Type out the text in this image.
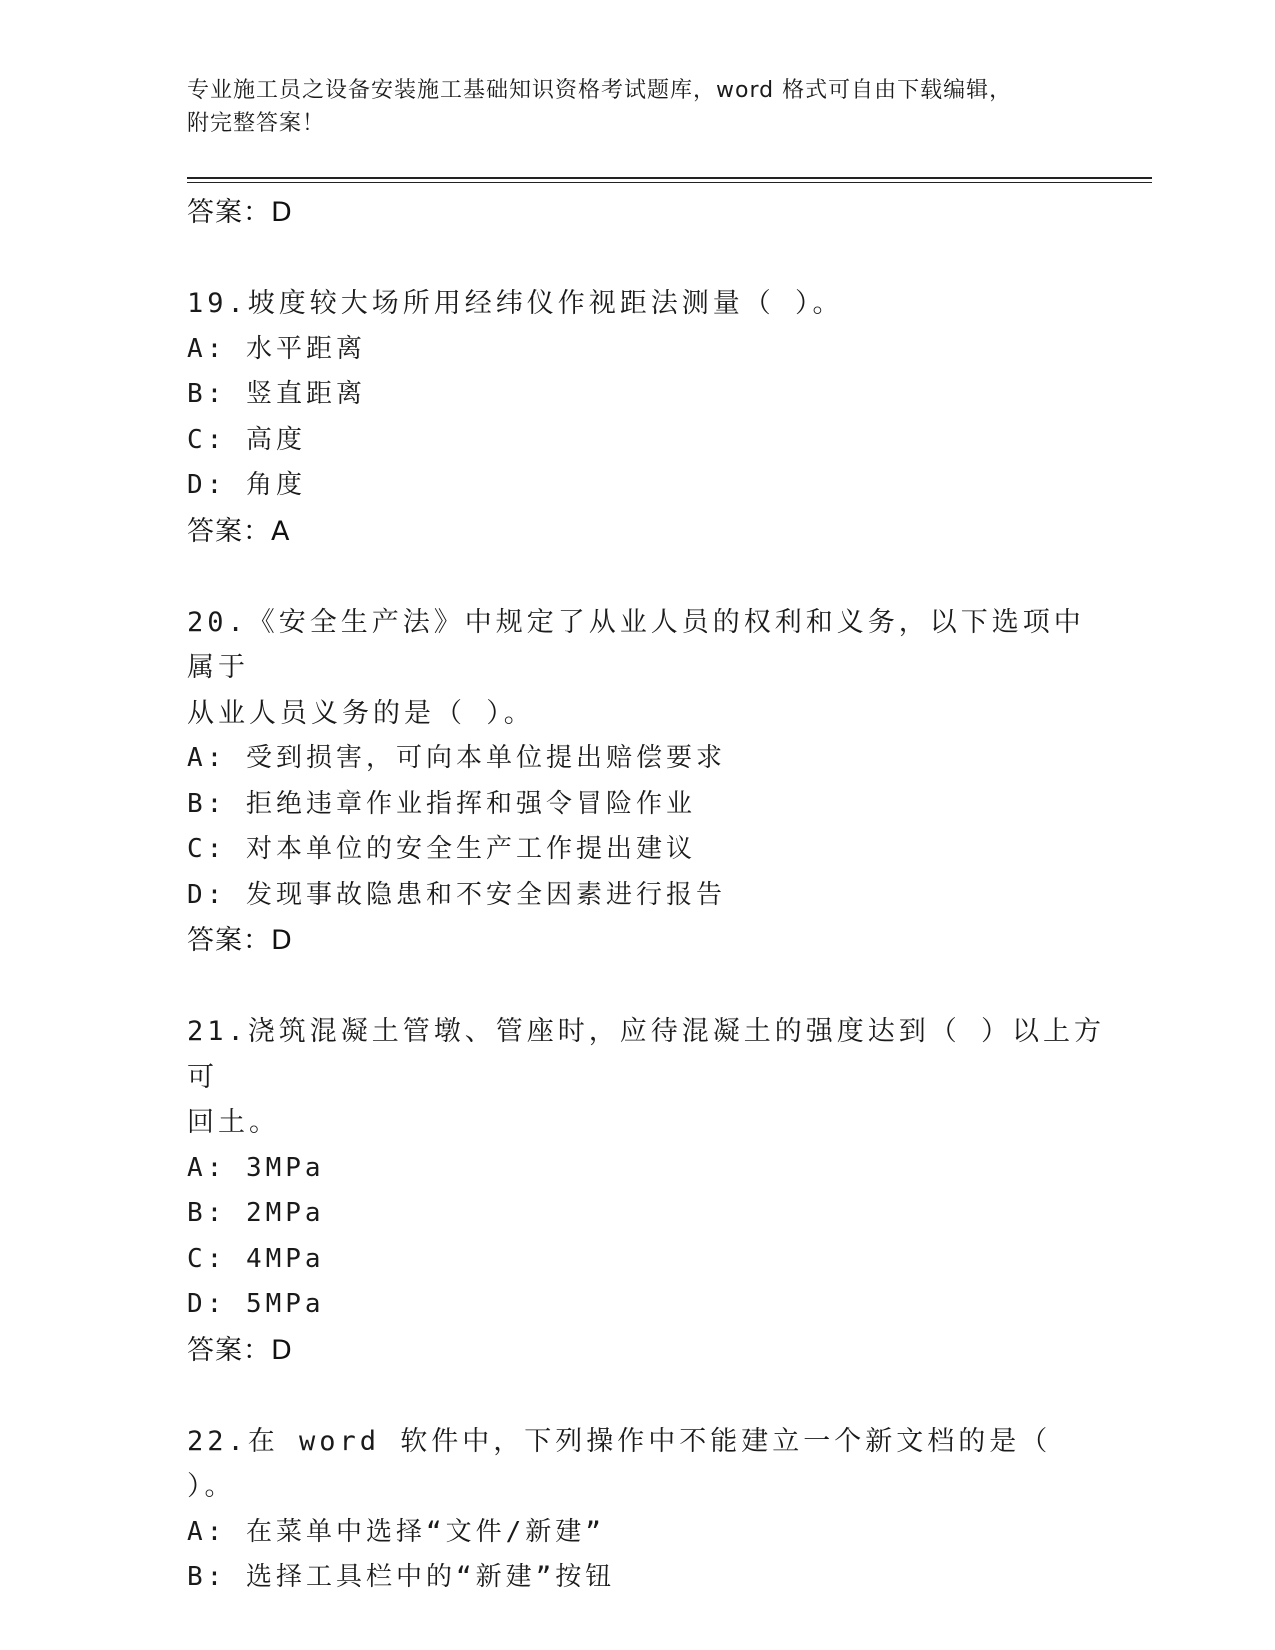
专业施工员之设备安装施工基础知识资格考试题库，word 格式可自由下载编辑，
附完整答案！
答案：D
19.坡度较大场所用经纬仪作视距法测量（ ）。
A: 水平距离
B: 竖直距离
C: 高度
D: 角度
答案：A
20.《安全生产法》中规定了从业人员的权利和义务，以下选项中属于
从业人员义务的是（ ）。
A: 受到损害，可向本单位提出赔偿要求
B: 拒绝违章作业指挥和强令冒险作业
C: 对本单位的安全生产工作提出建议
D: 发现事故隐患和不安全因素进行报告
答案：D
21.浇筑混凝土管墩、管座时，应待混凝土的强度达到（ ）以上方可
回土。
A: 3MPa
B: 2MPa
C: 4MPa
D: 5MPa
答案：D
22.在 word 软件中，下列操作中不能建立一个新文档的是（ ）。
A: 在菜单中选择“文件/新建”
B: 选择工具栏中的“新建”按钮
